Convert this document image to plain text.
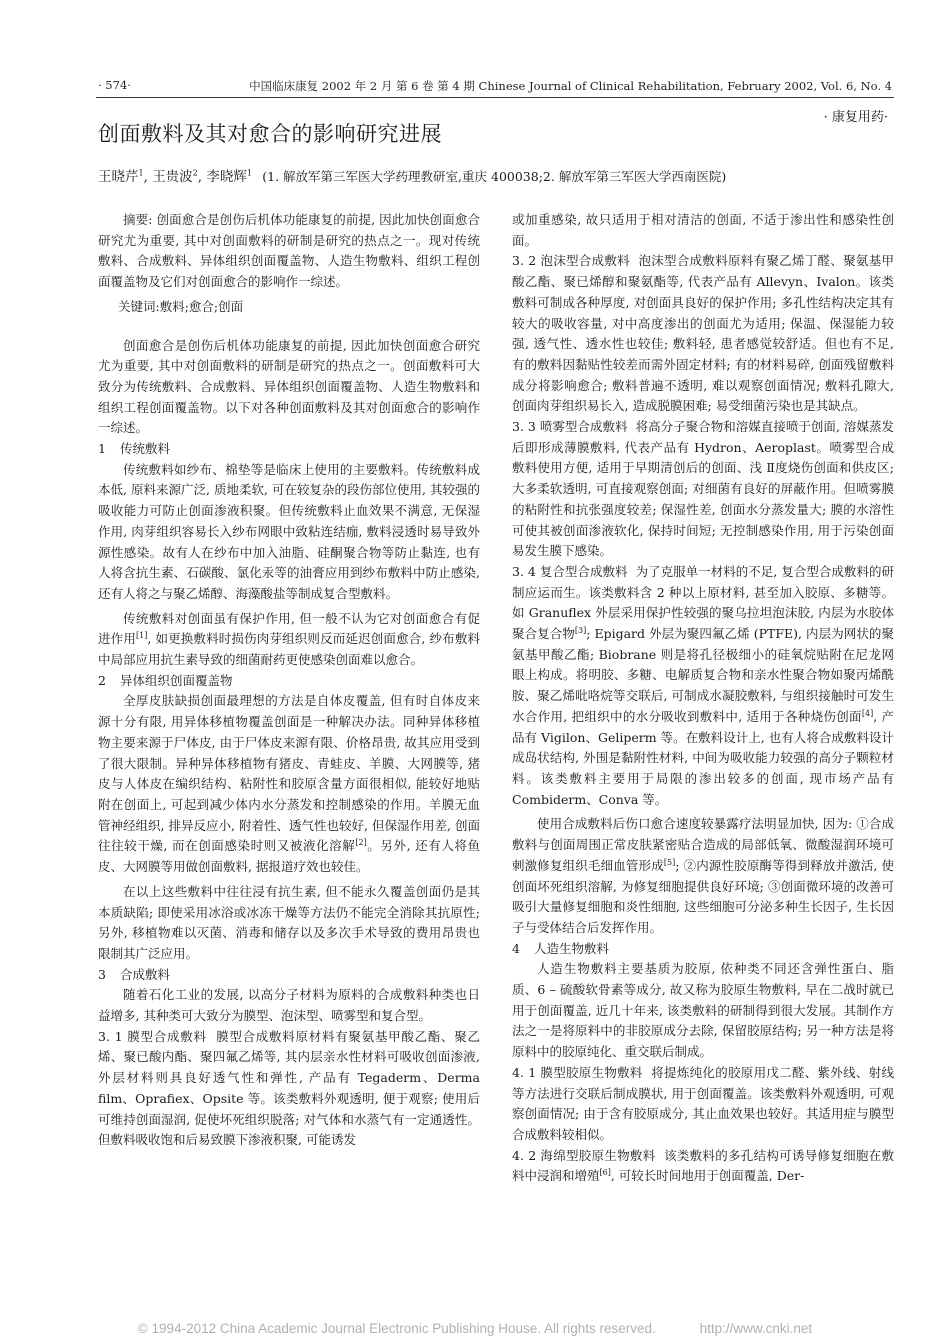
· 574·	中国临床康复 2002 年 2 月 第 6 卷 第 4 期 Chinese Journal of Clinical Rehabilitation, February 2002, Vol. 6, No. 4
· 康复用药·
创面敷料及其对愈合的影响研究进展
王晓芹$^1$, 王贵波$^2$, 李晓辉$^1$ (1. 解放军第三军医大学药理教研室,重庆 400038;2. 解放军第三军医大学西南医院)

摘要: 创面愈合是创伤后机体功能康复的前提, 因此加快创面愈合研究尤为重要, 其中对创面敷料的研制是研究的热点之一。现对传统敷料、合成敷料、异体组织创面覆盖物、人造生物敷料、组织工程创面覆盖物及它们对创面愈合的影响作一综述。

关键词:敷料;愈合;创面

创面愈合是创伤后机体功能康复的前提, 因此加快创面愈合研究尤为重要, 其中对创面敷料的研制是研究的热点之一。创面敷料可大致分为传统敷料、合成敷料、异体组织创面覆盖物、人造生物敷料和组织工程创面覆盖物。以下对各种创面敷料及其对创面愈合的影响作一综述。

1 传统敷料

传统敷料如纱布、棉垫等是临床上使用的主要敷料。传统敷料成本低, 原料来源广泛, 质地柔软, 可在较复杂的段伤部位使用, 其较强的吸收能力可防止创面渗液积聚。但传统敷料止血效果不满意, 无保湿作用, 肉芽组织容易长入纱布网眼中致粘连结痂, 敷料浸透时易导致外源性感染。故有人在纱布中加入油脂、硅酮聚合物等防止黏连, 也有人将含抗生素、石碳酸、氯化汞等的油膏应用到纱布敷料中防止感染, 还有人将之与聚乙烯醇、海藻酸盐等制成复合型敷料。

传统敷料对创面虽有保护作用, 但一般不认为它对创面愈合有促进作用[1], 如更换敷料时损伤肉芽组织则反而延迟创面愈合, 纱布敷料中局部应用抗生素导致的细菌耐药更使感染创面难以愈合。

2 异体组织创面覆盖物

全厚皮肤缺损创面最理想的方法是自体皮覆盖, 但有时自体皮来源十分有限, 用异体移植物覆盖创面是一种解决办法。同种异体移植物主要来源于尸体皮, 由于尸体皮来源有限、价格昂贵, 故其应用受到了很大限制。异种异体移植物有猪皮、青蛙皮、羊膜、大网膜等, 猪皮与人体皮在编织结构、粘附性和胶原含量方面很相似, 能较好地贴附在创面上, 可起到减少体内水分蒸发和控制感染的作用。羊膜无血管神经组织, 排异反应小, 附着性、透气性也较好, 但保湿作用差, 创面往往较干燥, 而在创面感染时则又被液化溶解[2]。另外, 还有人将鱼皮、大网膜等用做创面敷料, 据报道疗效也较佳。

在以上这些敷料中往往浸有抗生素, 但不能永久覆盖创面仍是其本质缺陷; 即使采用冰浴或冰冻干燥等方法仍不能完全消除其抗原性; 另外, 移植物难以灭菌、消毒和储存以及多次手术导致的费用昂贵也限制其广泛应用。

3 合成敷料

随着石化工业的发展, 以高分子材料为原料的合成敷料种类也日益增多, 其种类可大致分为膜型、泡沫型、喷雾型和复合型。

3. 1 膜型合成敷料 膜型合成敷料原材料有聚氨基甲酸乙酯、聚乙烯、聚已酸内酯、聚四氟乙烯等, 其内层亲水性材料可吸收创面渗液, 外层材料则具良好透气性和弹性, 产品有 Tegaderm、Derma film、Oprafiex、Opsite 等。该类敷料外观透明, 便于观察; 使用后可维持创面湿润, 促使坏死组织脱落; 对气体和水蒸气有一定通透性。但敷料吸收饱和后易致膜下渗液积聚, 可能诱发

或加重感染, 故只适用于相对清洁的创面, 不适于渗出性和感染性创面。

3. 2 泡沫型合成敷料 泡沫型合成敷料原料有聚乙烯丁醛、聚氨基甲酸乙酯、聚已烯醇和聚氨酯等, 代表产品有 Allevyn、Ivalon。该类敷料可制成各种厚度, 对创面具良好的保护作用; 多孔性结构决定其有较大的吸收容量, 对中高度渗出的创面尤为适用; 保温、保湿能力较强, 透气性、透水性也较佳; 敷料轻, 患者感觉较舒适。但也有不足, 有的敷料因黏贴性较差而需外固定材料; 有的材料易碎, 创面残留敷料成分将影响愈合; 敷料普遍不透明, 难以观察创面情况; 敷料孔隙大, 创面肉芽组织易长入, 造成脱膜困难; 易受细菌污染也是其缺点。

3. 3 喷雾型合成敷料 将高分子聚合物和溶媒直接喷于创面, 溶媒蒸发后即形成薄膜敷料, 代表产品有 Hydron、Aeroplast。喷雾型合成敷料使用方便, 适用于早期清创后的创面、浅 Ⅱ度烧伤创面和供皮区; 大多柔软透明, 可直接观察创面; 对细菌有良好的屏蔽作用。但喷雾膜的粘附性和抗张强度较差; 保湿性差, 创面水分蒸发量大; 膜的水溶性可使其被创面渗液软化, 保持时间短; 无控制感染作用, 用于污染创面易发生膜下感染。

3. 4 复合型合成敷料 为了克服单一材料的不足, 复合型合成敷料的研制应运而生。该类敷料含 2 种以上原材料, 甚至加入胶原、多糖等。如 Granuflex 外层采用保护性较强的聚乌拉坦泡沫胶, 内层为水胶体聚合复合物[3]; Epigard 外层为聚四氟乙烯 (PTFE), 内层为网状的聚氨基甲酸乙酯; Biobrane 则是将孔径极细小的硅氧烷贴附在尼龙网眼上构成。将明胶、多糖、电解质复合物和亲水性聚合物如聚丙烯酰胺、聚乙烯吡咯烷等交联后, 可制成水凝胶敷料, 与组织接触时可发生水合作用, 把组织中的水分吸收到敷料中, 适用于各种烧伤创面[4], 产品有 Vigilon、Geliperm 等。在敷料设计上, 也有人将合成敷料设计成岛状结构, 外围是黏附性材料, 中间为吸收能力较强的高分子颗粒材料。该类敷料主要用于局限的渗出较多的创面, 现市场产品有 Combiderm、Conva 等。

使用合成敷料后伤口愈合速度较暴露疗法明显加快, 因为: ①合成敷料与创面周围正常皮肤紧密贴合造成的局部低氧、微酸湿润环境可刺激修复组织毛细血管形成[5]; ②内源性胶原酶等得到释放并激活, 使创面坏死组织溶解, 为修复细胞提供良好环境; ③创面微环境的改善可吸引大量修复细胞和炎性细胞, 这些细胞可分泌多种生长因子, 生长因子与受体结合后发挥作用。

4 人造生物敷料

人造生物敷料主要基质为胶原, 依种类不同还含弹性蛋白、脂质、6 – 硫酸软骨素等成分, 故又称为胶原生物敷料, 早在二战时就已用于创面覆盖, 近几十年来, 该类敷料的研制得到很大发展。其制作方法之一是将原料中的非胶原成分去除, 保留胶原结构; 另一种方法是将原料中的胶原纯化、重交联后制成。

4. 1 膜型胶原生物敷料 将提炼纯化的胶原用戊二醛、紫外线、射线等方法进行交联后制成膜状, 用于创面覆盖。该类敷料外观透明, 可观察创面情况; 由于含有胶原成分, 其止血效果也较好。其适用症与膜型合成敷料较相似。

4. 2 海绵型胶原生物敷料 该类敷料的多孔结构可诱导修复细胞在敷料中浸润和增殖[6], 可较长时间地用于创面覆盖, Der-

© 1994-2012 China Academic Journal Electronic Publishing House. All rights reserved.	http://www.cnki.net
